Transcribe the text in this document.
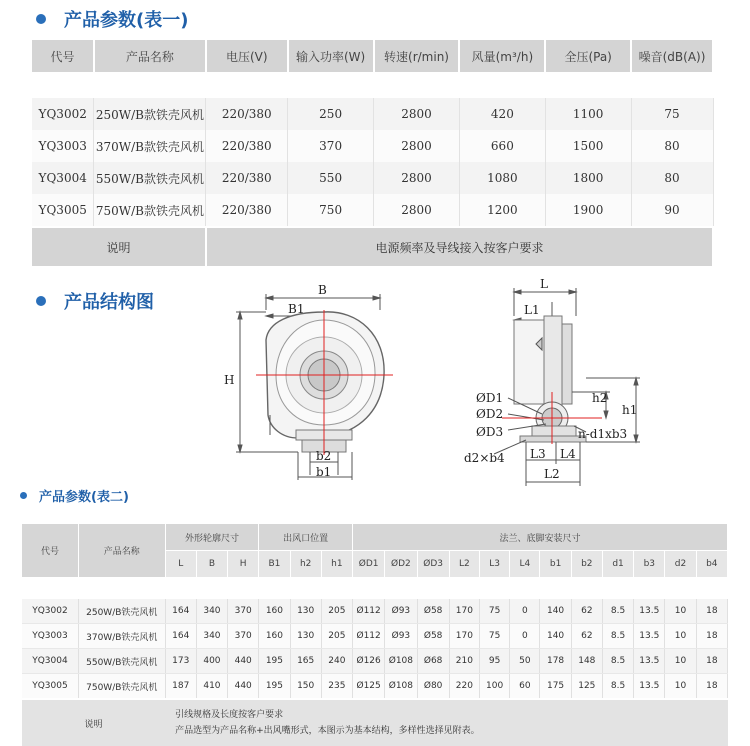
产品参数(表一)
代号	产品名称	电压(V)	输入功率(W)	转速(r/min)	风量(m³/h)	全压(Pa)	噪音(dB(A))

YQ3002	250W/B款铁壳风机	220/380	250	2800	420	1100	75
YQ3003	370W/B款铁壳风机	220/380	370	2800	660	1500	80
YQ3004	550W/B款铁壳风机	220/380	550	2800	1080	1800	80
YQ3005	750W/B款铁壳风机	220/380	750	2800	1200	1900	90
说明		电源频率及导线接入按客户要求					
产品结构图
B
B1
H
b2
b1
L
L1
h2
h1
ØD1
ØD2
ØD3	n-d1xb3
d2×b4 L3 L4
L2
产品参数(表二)
代号	产品名称	外形轮廓尺寸			出风口位置			法兰、底脚安装尺寸											
		L	B	H	B1	h2	h1	ØD1	ØD2	ØD3	L2	L3	L4	b1	b2	d1	b3	d2	b4

YQ3002	250W/B铁壳风机	164	340	370	160	130	205	Ø112	Ø93	Ø58	170	75	0	140	62	8.5	13.5	10	18
YQ3003	370W/B铁壳风机	164	340	370	160	130	205	Ø112	Ø93	Ø58	170	75	0	140	62	8.5	13.5	10	18
YQ3004	550W/B铁壳风机	173	400	440	195	165	240	Ø126	Ø108	Ø68	210	95	50	178	148	8.5	13.5	10	18
YQ3005	750W/B铁壳风机	187	410	440	195	150	235	Ø125	Ø108	Ø80	220	100	60	175	125	8.5	13.5	10	18
说明		引线规格及长度按客户要求
产品选型为产品名称+出风嘴形式，本图示为基本结构，多样性选择见附表。																	
